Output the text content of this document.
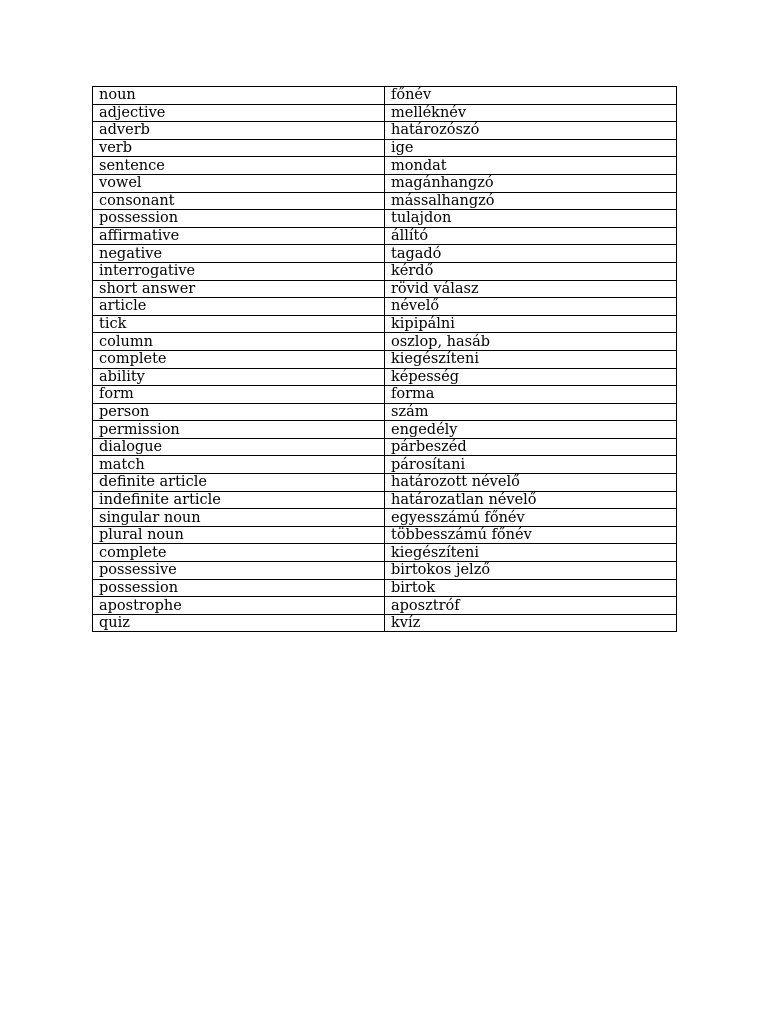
noun	főnév
adjective	melléknév
adverb	határozószó
verb	ige
sentence	mondat
vowel	magánhangzó
consonant	mássalhangzó
possession	tulajdon
affirmative	állító
negative	tagadó
interrogative	kérdő
short answer	rövid válasz
article	névelő
tick	kipipálni
column	oszlop, hasáb
complete	kiegészíteni
ability	képesség
form	forma
person	szám
permission	engedély
dialogue	párbeszéd
match	párosítani
definite article	határozott névelő
indefinite article	határozatlan névelő
singular noun	egyesszámú főnév
plural noun	többesszámú főnév
complete	kiegészíteni
possessive	birtokos jelző
possession	birtok
apostrophe	aposztróf
quiz	kvíz
